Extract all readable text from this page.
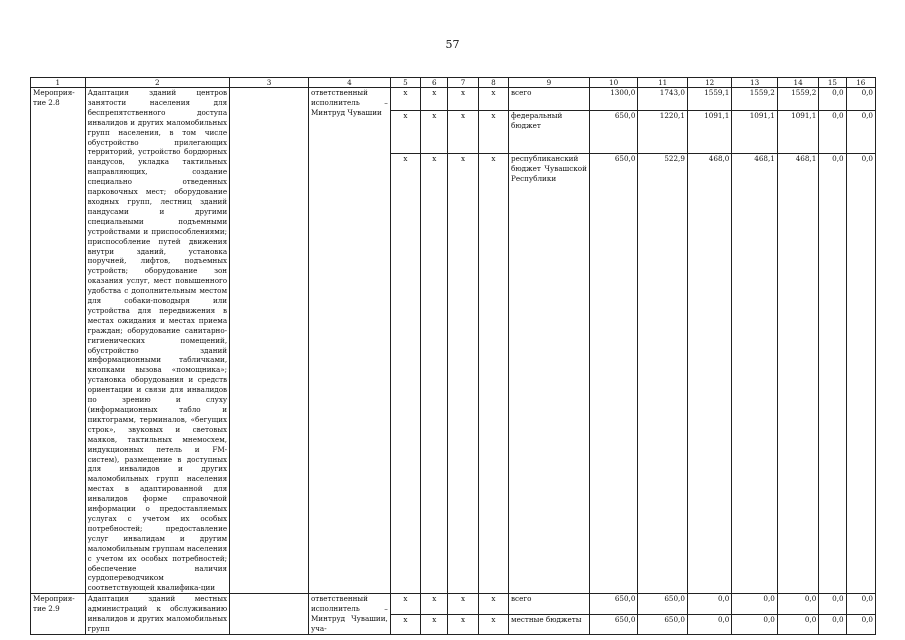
57
1	2	3	4	5	6	7	8	9	10	11	12	13	14	15	16
Мероприя-тие 2.8	Адаптация зданий центров занятости населения для беспрепятственного доступа инвалидов и других маломобильных групп населения, в том числе обустройство прилегающих территорий, устройство бордюрных пандусов, укладка тактильных направляющих, создание специально отведенных парковочных мест; оборудование входных групп, лестниц зданий пандусами и другими специальными подъемными устройствами и приспособлениями; приспособление путей движения внутри зданий, установка поручней, лифтов, подъемных устройств; оборудование зон оказания услуг, мест повышенного удобства с дополнительным местом для собаки-поводыря или устройства для передвижения в местах ожидания и местах приема граждан; оборудование санитарно-гигиенических помещений, обустройство зданий информационными табличками, кнопками вызова «помощника»; установка оборудования и средств ориентации и связи для инвалидов по зрению и слуху (информационных табло и пиктограмм, терминалов, «бегущих строк», звуковых и световых маяков, тактильных мнемосхем, индукционных петель и FM-систем), размещение в доступных для инвалидов и других маломобильных групп населения местах в адаптированной для инвалидов форме справочной информации о предоставляемых услугах с учетом их особых потребностей; предоставление услуг инвалидам и другим маломобильным группам населения с учетом их особых потребностей; обеспечение наличия сурдопереводчиком соответствующей квалифика-ции		ответственный исполнитель – Минтруд Чувашии	x	x	x	x	всего	1300,0	1743,0	1559,1	1559,2	1559,2	0,0	0,0
				x	x	x	x	федеральный бюджет	650,0	1220,1	1091,1	1091,1	1091,1	0,0	0,0
				x	x	x	x	республиканский бюджет Чувашской Республики	650,0	522,9	468,0	468,1	468,1	0,0	0,0
Мероприя-тие 2.9	Адаптация зданий местных администраций к обслуживанию инвалидов и других маломобильных групп		ответственный исполнитель – Минтруд Чувашии, уча-	x	x	x	x	всего	650,0	650,0	0,0	0,0	0,0	0,0	0,0
				x	x	x	x	местные бюджеты	650,0	650,0	0,0	0,0	0,0	0,0	0,0
